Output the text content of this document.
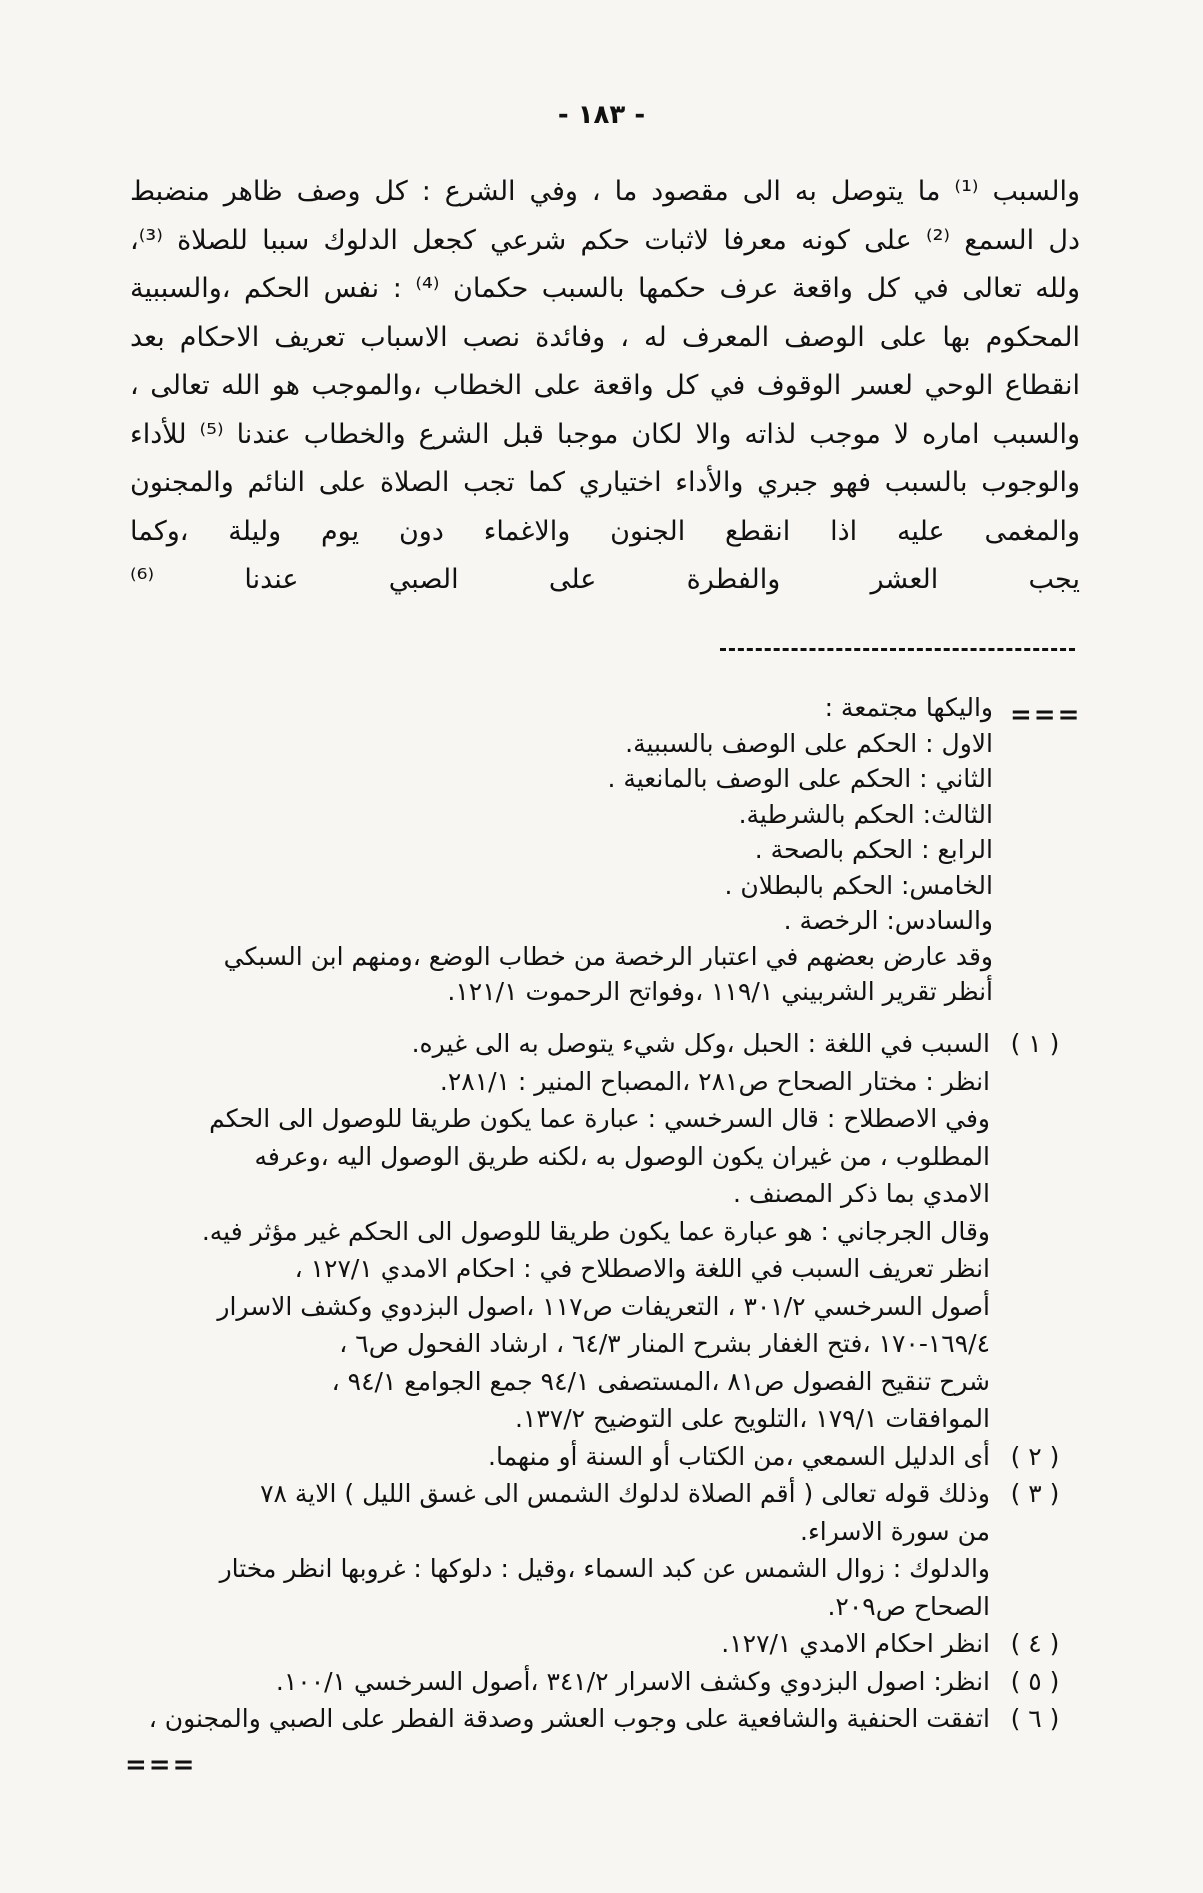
- ١٨٣ -
والسبب ⁽¹⁾ ما يتوصل به الى مقصود ما ، وفي الشرع : كل وصف ظاهر منضبط
دل السمع ⁽²⁾ على كونه معرفا لاثبات حكم شرعي كجعل الدلوك سببا للصلاة ⁽³⁾،
ولله تعالى في كل واقعة عرف حكمها بالسبب حكمان ⁽⁴⁾ : نفس الحكم ،والسببية
المحكوم بها على الوصف المعرف له ، وفائدة نصب الاسباب تعريف الاحكام بعد
انقطاع الوحي لعسر الوقوف في كل واقعة على الخطاب ،والموجب هو الله تعالى ،
والسبب اماره لا موجب لذاته والا لكان موجبا قبل الشرع والخطاب عندنا ⁽⁵⁾ للأداء
والوجوب بالسبب فهو جبري والأداء اختياري كما تجب الصلاة على النائم والمجنون
والمغمى عليه اذا انقطع الجنون والاغماء دون يوم وليلة ،وكما
يجب العشر والفطرة على الصبي عندنا ⁽⁶⁾
===
واليكها مجتمعة :
الاول : الحكم على الوصف بالسببية.
الثاني : الحكم على الوصف بالمانعية .
الثالث: الحكم بالشرطية.
الرابع : الحكم بالصحة .
الخامس: الحكم بالبطلان .
والسادس: الرخصة .
وقد عارض بعضهم في اعتبار الرخصة من خطاب الوضع ،ومنهم ابن السبكي
أنظر تقرير الشربيني ١١٩/١ ،وفواتح الرحموت ١٢١/١.
( ١ )
السبب في اللغة : الحبل ،وكل شيء يتوصل به الى غيره.
انظر : مختار الصحاح ص٢٨١ ،المصباح المنير : ٢٨١/١.
وفي الاصطلاح : قال السرخسي : عبارة عما يكون طريقا للوصول الى الحكم
المطلوب ، من غيران يكون الوصول به ،لكنه طريق الوصول اليه ،وعرفه
الامدي بما ذكر المصنف .
وقال الجرجاني : هو عبارة عما يكون طريقا للوصول الى الحكم غير مؤثر فيه.
انظر تعريف السبب في اللغة والاصطلاح في : احكام الامدي ١٢٧/١ ،
أصول السرخسي ٣٠١/٢ ، التعريفات ص١١٧ ،اصول البزدوي وكشف الاسرار
١٦٩/٤-١٧٠ ،فتح الغفار بشرح المنار ٦٤/٣ ، ارشاد الفحول ص٦ ،
شرح تنقيح الفصول ص٨١ ،المستصفى ٩٤/١ جمع الجوامع ٩٤/١ ،
الموافقات ١٧٩/١ ،التلويح على التوضيح ١٣٧/٢.
( ٢ )
أى الدليل السمعي ،من الكتاب أو السنة أو منهما.
( ٣ )
وذلك قوله تعالى ( أقم الصلاة لدلوك الشمس الى غسق الليل ) الاية ٧٨
من سورة الاسراء.
والدلوك : زوال الشمس عن كبد السماء ،وقيل : دلوكها : غروبها انظر مختار
الصحاح ص٢٠٩.
( ٤ )
انظر احكام الامدي ١٢٧/١.
( ٥ )
انظر: اصول البزدوي وكشف الاسرار ٣٤١/٢ ،أصول السرخسي ١٠٠/١.
( ٦ )
اتفقت الحنفية والشافعية على وجوب العشر وصدقة الفطر على الصبي والمجنون ،
===
